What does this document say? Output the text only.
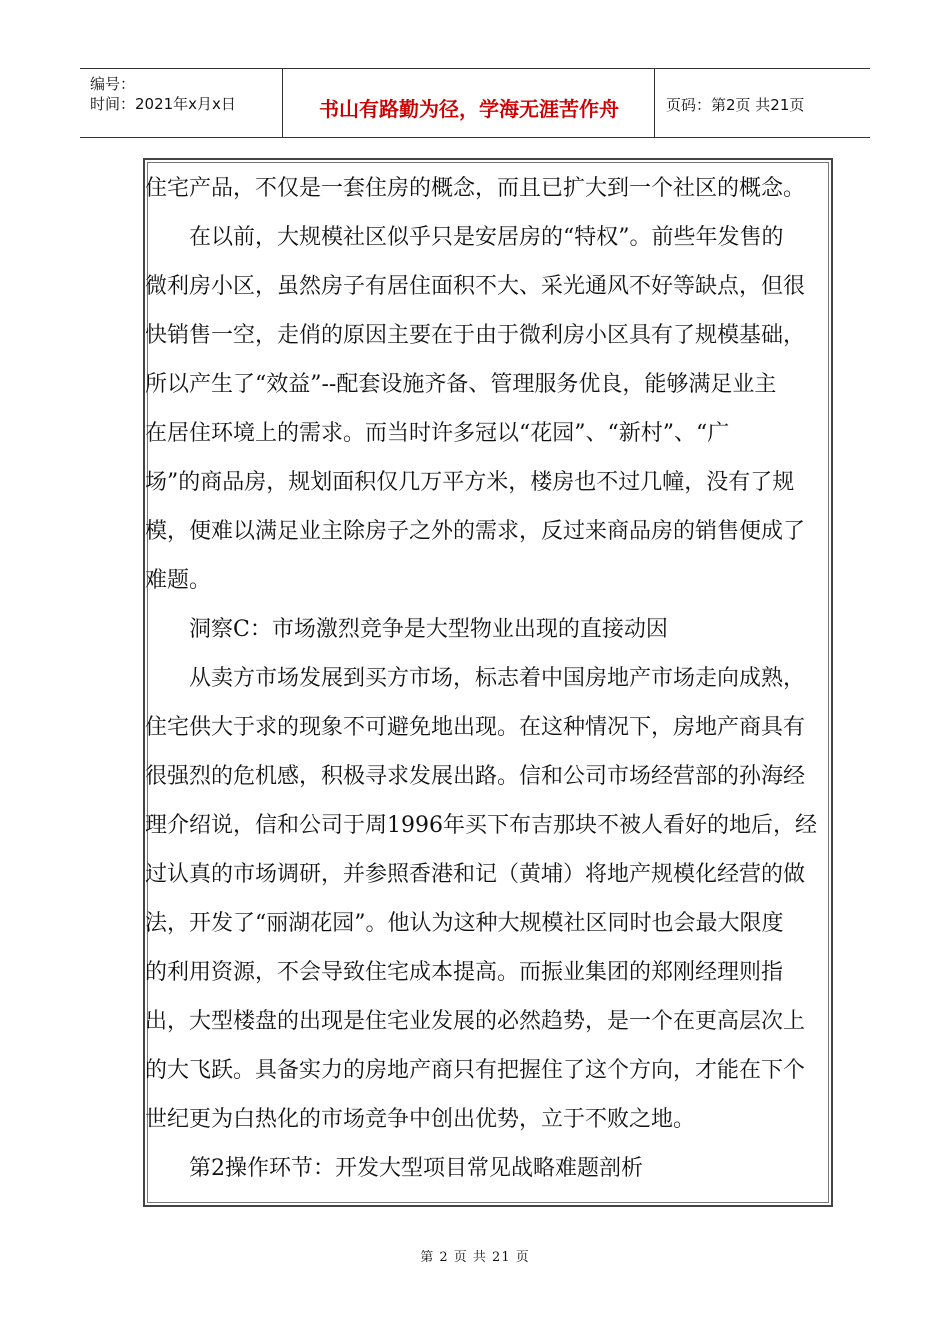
编号：
时间：2021年x月x日	书山有路勤为径，学海无涯苦作舟	页码：第2页 共21页

住宅产品，不仅是一套住房的概念，而且已扩大到一个社区的概念。

　　在以前，大规模社区似乎只是安居房的“特权”。前些年发售的

微利房小区，虽然房子有居住面积不大、采光通风不好等缺点，但很

快销售一空，走俏的原因主要在于由于微利房小区具有了规模基础，

所以产生了“效益”--配套设施齐备、管理服务优良，能够满足业主

在居住环境上的需求。而当时许多冠以“花园”、“新村”、“广

场”的商品房，规划面积仅几万平方米，楼房也不过几幢，没有了规

模，便难以满足业主除房子之外的需求，反过来商品房的销售便成了

难题。

　　洞察C：市场激烈竞争是大型物业出现的直接动因

　　从卖方市场发展到买方市场，标志着中国房地产市场走向成熟，

住宅供大于求的现象不可避免地出现。在这种情况下，房地产商具有

很强烈的危机感，积极寻求发展出路。信和公司市场经营部的孙海经

理介绍说，信和公司于周1996年买下布吉那块不被人看好的地后，经

过认真的市场调研，并参照香港和记（黄埔）将地产规模化经营的做

法，开发了“丽湖花园”。他认为这种大规模社区同时也会最大限度

的利用资源，不会导致住宅成本提高。而振业集团的郑刚经理则指

出，大型楼盘的出现是住宅业发展的必然趋势，是一个在更高层次上

的大飞跃。具备实力的房地产商只有把握住了这个方向，才能在下个

世纪更为白热化的市场竞争中创出优势，立于不败之地。

　　第2操作环节：开发大型项目常见战略难题剖析

第 2 页 共 21 页
